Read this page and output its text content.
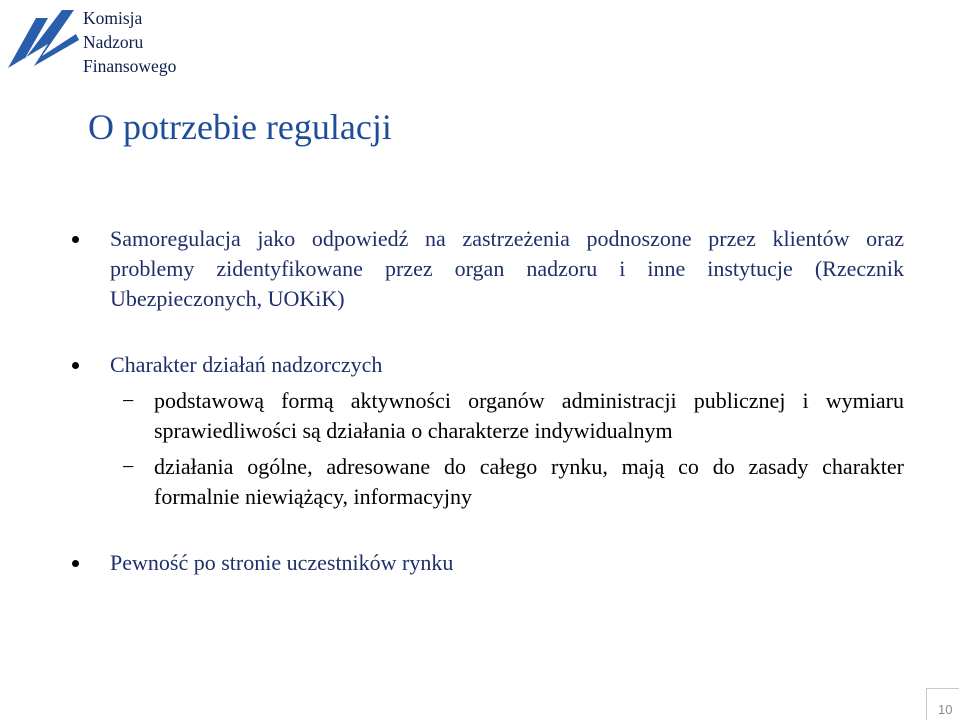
Komisja
Nadzoru
Finansowego
O potrzebie regulacji
Samoregulacja jako odpowiedź na zastrzeżenia podnoszone przez klientów oraz problemy zidentyfikowane przez organ nadzoru i inne instytucje (Rzecznik Ubezpieczonych, UOKiK)
Charakter działań nadzorczych
− podstawową formą aktywności organów administracji publicznej i wymiaru sprawiedliwości są działania o charakterze indywidualnym
− działania ogólne, adresowane do całego rynku, mają co do zasady charakter formalnie niewiążący, informacyjny
Pewność po stronie uczestników rynku
10
